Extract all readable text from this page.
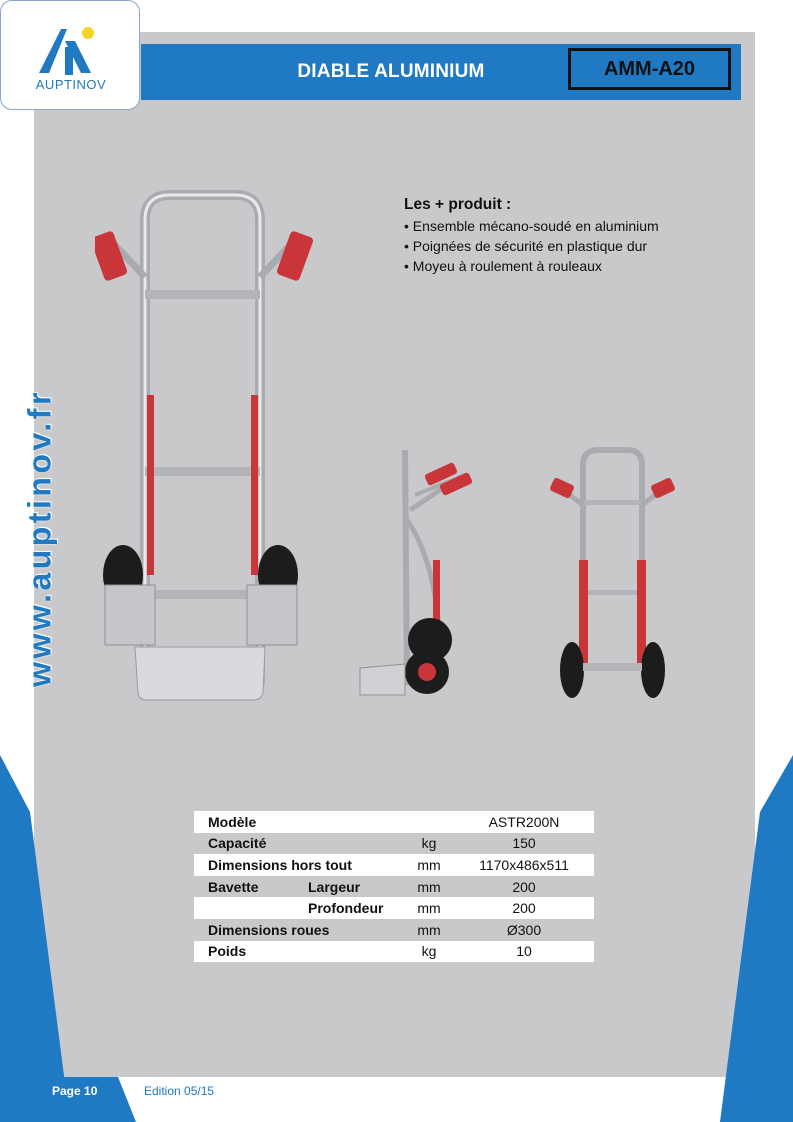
DIABLE ALUMINIUM	AMM-A20
AUPTINOV
www.auptinov.fr
Les + produit :
• Ensemble mécano-soudé en aluminium
• Poignées de sécurité en plastique dur
• Moyeu à roulement à rouleaux
Modèle			ASTR200N
Capacité		kg	150
Dimensions hors tout		mm	1170x486x511
Bavette	Largeur	mm	200
	Profondeur	mm	200
Dimensions roues		mm	Ø300
Poids		kg	10
Page 10	Edition 05/15
